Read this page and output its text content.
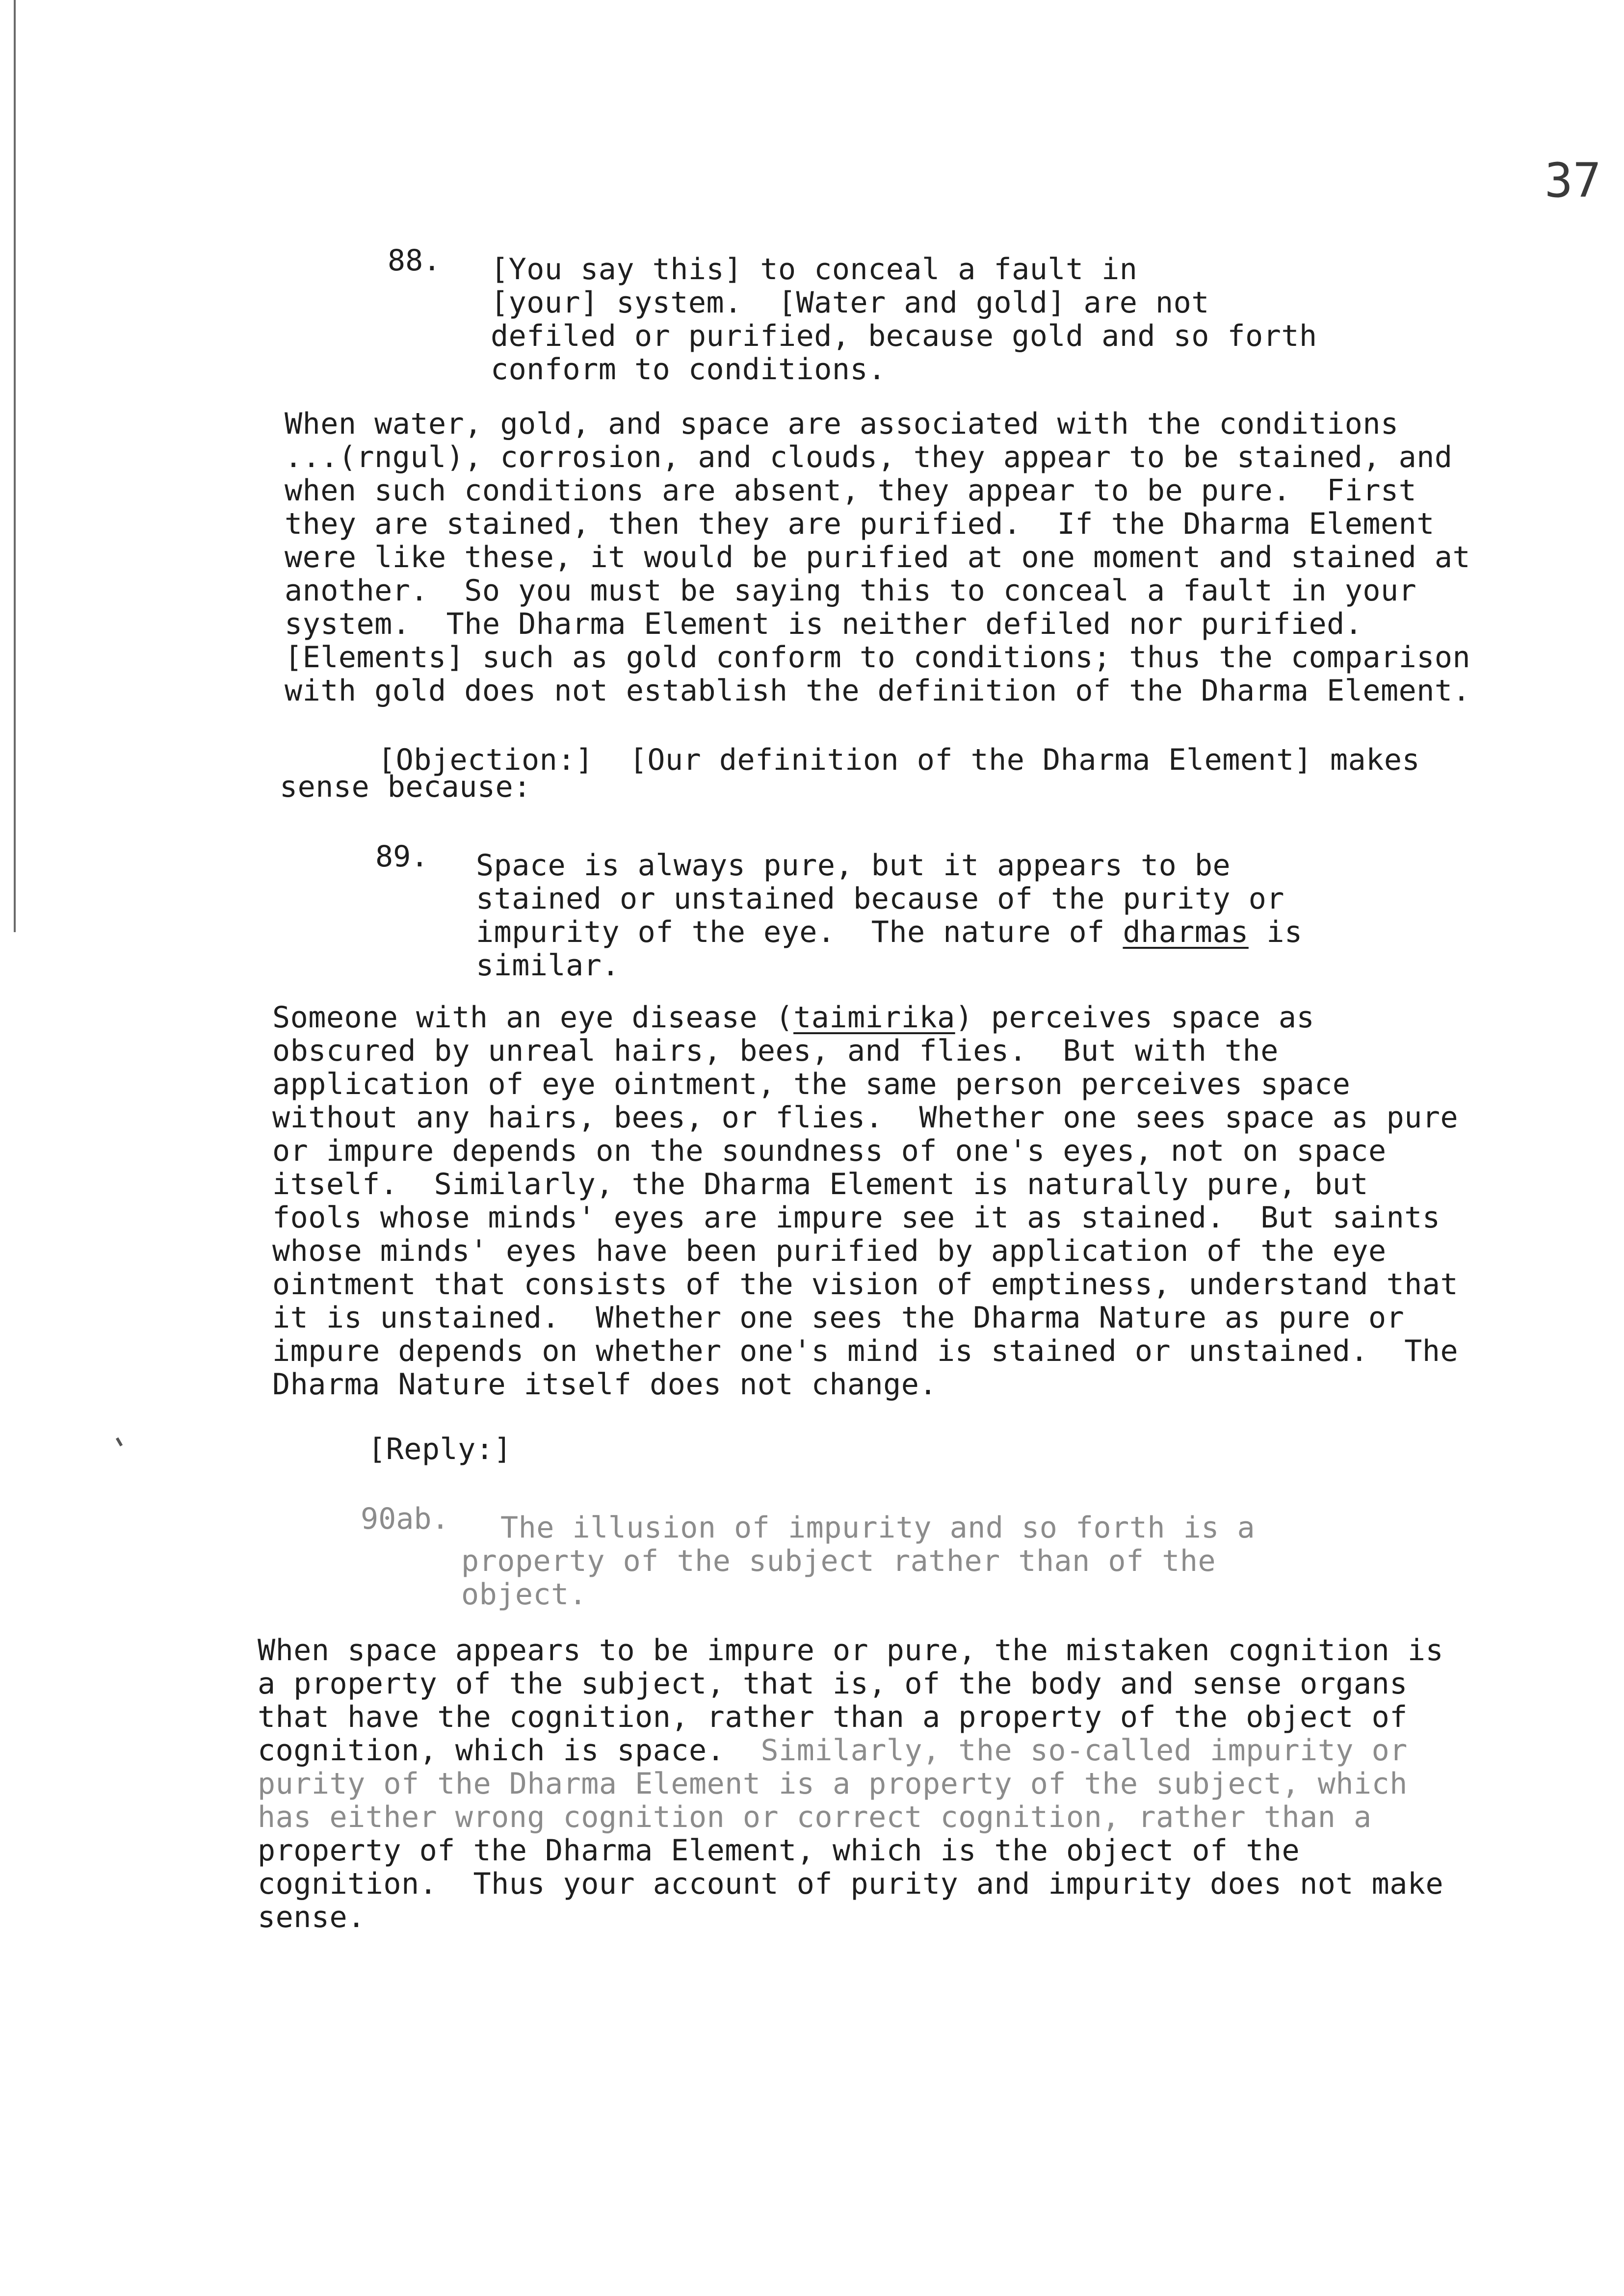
37
88. [You say this] to conceal a fault in
[your] system.  [Water and gold] are not
defiled or purified, because gold and so forth
conform to conditions.
When water, gold, and space are associated with the conditions
...(rngul), corrosion, and clouds, they appear to be stained, and
when such conditions are absent, they appear to be pure.  First
they are stained, then they are purified.  If the Dharma Element
were like these, it would be purified at one moment and stained at
another.  So you must be saying this to conceal a fault in your
system.  The Dharma Element is neither defiled nor purified.
[Elements] such as gold conform to conditions; thus the comparison
with gold does not establish the definition of the Dharma Element.
[Objection:]  [Our definition of the Dharma Element] makes
sense because:
89. Space is always pure, but it appears to be
stained or unstained because of the purity or
impurity of the eye.  The nature of dharmas is
similar.
Someone with an eye disease (taimirika) perceives space as
obscured by unreal hairs, bees, and flies.  But with the
application of eye ointment, the same person perceives space
without any hairs, bees, or flies.  Whether one sees space as pure
or impure depends on the soundness of one's eyes, not on space
itself.  Similarly, the Dharma Element is naturally pure, but
fools whose minds' eyes are impure see it as stained.  But saints
whose minds' eyes have been purified by application of the eye
ointment that consists of the vision of emptiness, understand that
it is unstained.  Whether one sees the Dharma Nature as pure or
impure depends on whether one's mind is stained or unstained.  The
Dharma Nature itself does not change.
[Reply:]
90ab. The illusion of impurity and so forth is a
property of the subject rather than of the
object.
When space appears to be impure or pure, the mistaken cognition is
a property of the subject, that is, of the body and sense organs
that have the cognition, rather than a property of the object of
cognition, which is space.  Similarly, the so-called impurity or
purity of the Dharma Element is a property of the subject, which
has either wrong cognition or correct cognition, rather than a
property of the Dharma Element, which is the object of the
cognition.  Thus your account of purity and impurity does not make
sense.
